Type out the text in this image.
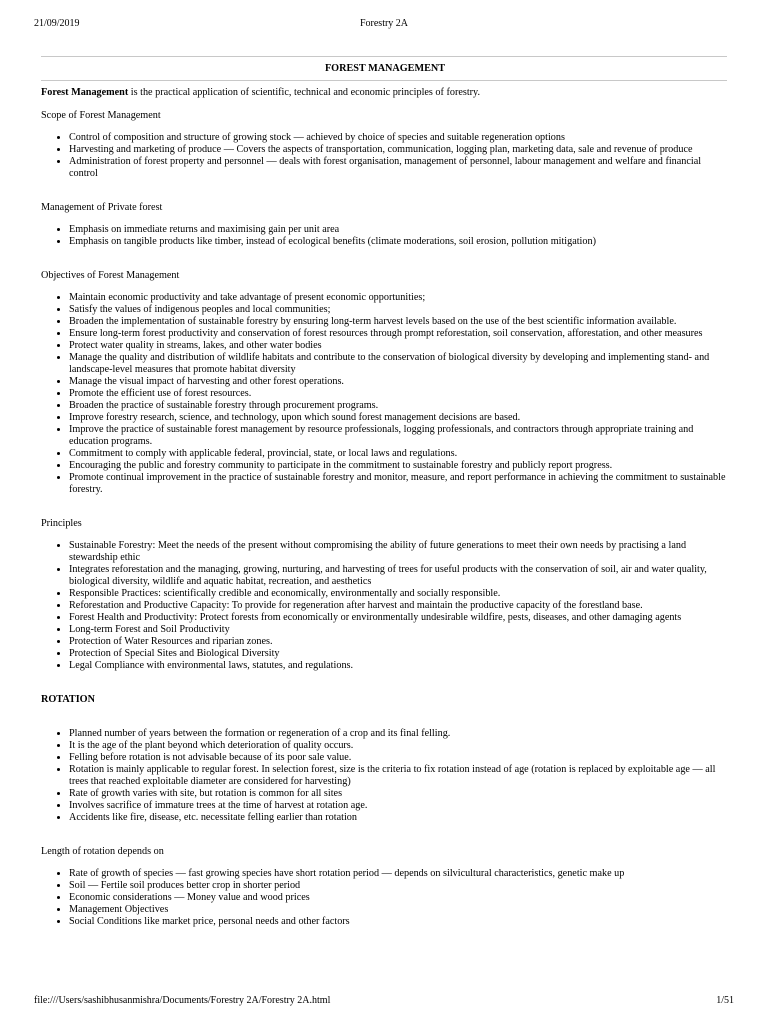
21/09/2019	Forestry 2A
FOREST MANAGEMENT

Forest Management is the practical application of scientific, technical and economic principles of forestry.

Scope of Forest Management

• Control of composition and structure of growing stock — achieved by choice of species and suitable regeneration options
• Harvesting and marketing of produce — Covers the aspects of transportation, communication, logging plan, marketing data, sale and revenue of produce
• Administration of forest property and personnel — deals with forest organisation, management of personnel, labour management and welfare and financial control

Management of Private forest

• Emphasis on immediate returns and maximising gain per unit area
• Emphasis on tangible products like timber, instead of ecological benefits (climate moderations, soil erosion, pollution mitigation)

Objectives of Forest Management

• Maintain economic productivity and take advantage of present economic opportunities;
• Satisfy the values of indigenous peoples and local communities;
• Broaden the implementation of sustainable forestry by ensuring long-term harvest levels based on the use of the best scientific information available.
• Ensure long-term forest productivity and conservation of forest resources through prompt reforestation, soil conservation, afforestation, and other measures
• Protect water quality in streams, lakes, and other water bodies
• Manage the quality and distribution of wildlife habitats and contribute to the conservation of biological diversity by developing and implementing stand- and landscape-level measures that promote habitat diversity
• Manage the visual impact of harvesting and other forest operations.
• Promote the efficient use of forest resources.
• Broaden the practice of sustainable forestry through procurement programs.
• Improve forestry research, science, and technology, upon which sound forest management decisions are based.
• Improve the practice of sustainable forest management by resource professionals, logging professionals, and contractors through appropriate training and education programs.
• Commitment to comply with applicable federal, provincial, state, or local laws and regulations.
• Encouraging the public and forestry community to participate in the commitment to sustainable forestry and publicly report progress.
• Promote continual improvement in the practice of sustainable forestry and monitor, measure, and report performance in achieving the commitment to sustainable forestry.

Principles

• Sustainable Forestry: Meet the needs of the present without compromising the ability of future generations to meet their own needs by practising a land stewardship ethic
• Integrates reforestation and the managing, growing, nurturing, and harvesting of trees for useful products with the conservation of soil, air and water quality, biological diversity, wildlife and aquatic habitat, recreation, and aesthetics
• Responsible Practices: scientifically credible and economically, environmentally and socially responsible.
• Reforestation and Productive Capacity: To provide for regeneration after harvest and maintain the productive capacity of the forestland base.
• Forest Health and Productivity: Protect forests from economically or environmentally undesirable wildfire, pests, diseases, and other damaging agents
• Long-term Forest and Soil Productivity
• Protection of Water Resources and riparian zones.
• Protection of Special Sites and Biological Diversity
• Legal Compliance with environmental laws, statutes, and regulations.

ROTATION

• Planned number of years between the formation or regeneration of a crop and its final felling.
• It is the age of the plant beyond which deterioration of quality occurs.
• Felling before rotation is not advisable because of its poor sale value.
• Rotation is mainly applicable to regular forest. In selection forest, size is the criteria to fix rotation instead of age (rotation is replaced by exploitable age — all trees that reached exploitable diameter are considered for harvesting)
• Rate of growth varies with site, but rotation is common for all sites
• Involves sacrifice of immature trees at the time of harvest at rotation age.
• Accidents like fire, disease, etc. necessitate felling earlier than rotation

Length of rotation depends on

• Rate of growth of species — fast growing species have short rotation period — depends on silvicultural characteristics, genetic make up
• Soil — Fertile soil produces better crop in shorter period
• Economic considerations — Money value and wood prices
• Management Objectives
• Social Conditions like market price, personal needs and other factors
file:///Users/sashibhusanmishra/Documents/Forestry 2A/Forestry 2A.html	1/51
